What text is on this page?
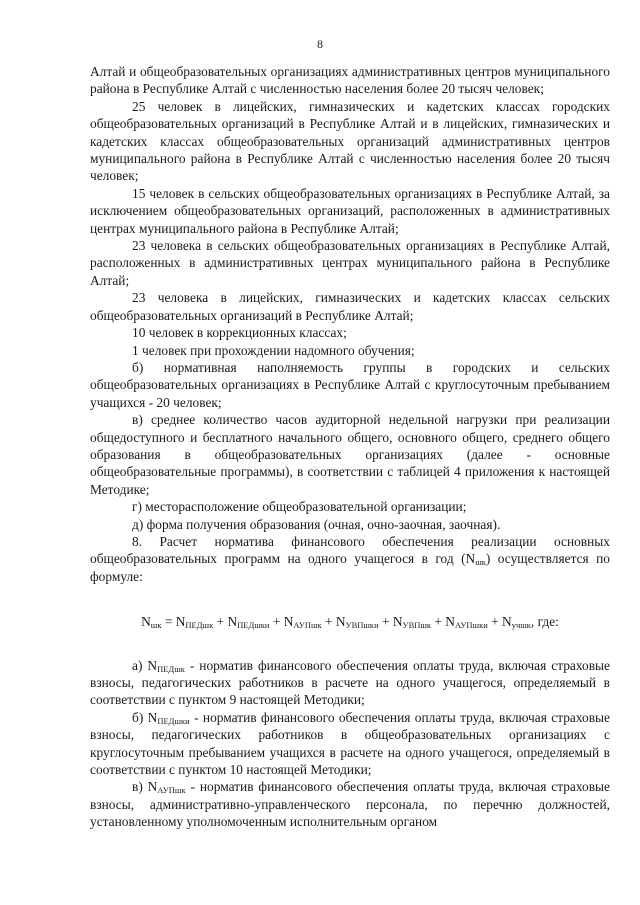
8

Алтай и общеобразовательных организациях административных центров муниципального района в Республике Алтай с численностью населения более 20 тысяч человек;

25 человек в лицейских, гимназических и кадетских классах городских общеобразовательных организаций в Республике Алтай и в лицейских, гимназических и кадетских классах общеобразовательных организаций административных центров муниципального района в Республике Алтай с численностью населения более 20 тысяч человек;

15 человек в сельских общеобразовательных организациях в Республике Алтай, за исключением общеобразовательных организаций, расположенных в административных центрах муниципального района в Республике Алтай;

23 человека в сельских общеобразовательных организациях в Республике Алтай, расположенных в административных центрах муниципального района в Республике Алтай;

23 человека в лицейских, гимназических и кадетских классах сельских общеобразовательных организаций в Республике Алтай;

10 человек в коррекционных классах;

1 человек при прохождении надомного обучения;

б) нормативная наполняемость группы в городских и сельских общеобразовательных организациях в Республике Алтай с круглосуточным пребыванием учащихся - 20 человек;

в) среднее количество часов аудиторной недельной нагрузки при реализации общедоступного и бесплатного начального общего, основного общего, среднего общего образования в общеобразовательных организациях (далее - основные общеобразовательные программы), в соответствии с таблицей 4 приложения к настоящей Методике;

г) месторасположение общеобразовательной организации;

д) форма получения образования (очная, очно-заочная, заочная).

8. Расчет норматива финансового обеспечения реализации основных общеобразовательных программ на одного учащегося в год $(N_{шк})$ осуществляется по формуле:

$N_{шк} = N_{ПЕДшк} + N_{ПЕДшки} + N_{АУПшк} + N_{УВПшки} + N_{УВПшк} + N_{АУПшки} + N_{учшк}$, где:

а) $N_{ПЕДшк}$ - норматив финансового обеспечения оплаты труда, включая страховые взносы, педагогических работников в расчете на одного учащегося, определяемый в соответствии с пунктом 9 настоящей Методики;

б) $N_{ПЕДшки}$ - норматив финансового обеспечения оплаты труда, включая страховые взносы, педагогических работников в общеобразовательных организациях с круглосуточным пребыванием учащихся в расчете на одного учащегося, определяемый в соответствии с пунктом 10 настоящей Методики;

в) $N_{АУПшк}$ - норматив финансового обеспечения оплаты труда, включая страховые взносы, административно-управленческого персонала, по перечню должностей, установленному уполномоченным исполнительным органом
